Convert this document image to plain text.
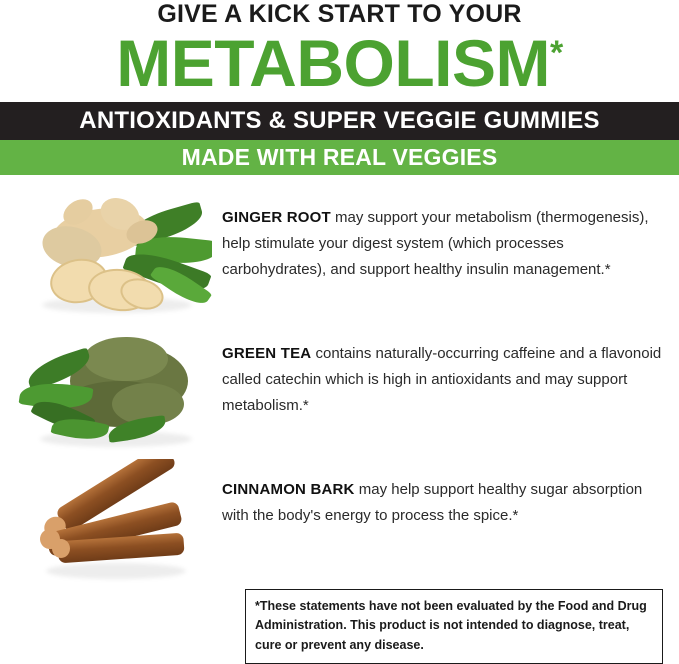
GIVE A KICK START TO YOUR
METABOLISM*
ANTIOXIDANTS & SUPER VEGGIE GUMMIES
MADE WITH REAL VEGGIES
GINGER ROOT may support your metabolism (thermogenesis), help stimulate your digest system (which processes carbohydrates), and support healthy insulin management.*
GREEN TEA contains naturally-occurring caffeine and a flavonoid called catechin which is high in antioxidants and may support metabolism.*
CINNAMON BARK may help support healthy sugar absorption with the body's energy to process the spice.*
*These statements have not been evaluated by the Food and Drug Administration. This product is not intended to diagnose, treat, cure or prevent any disease.
